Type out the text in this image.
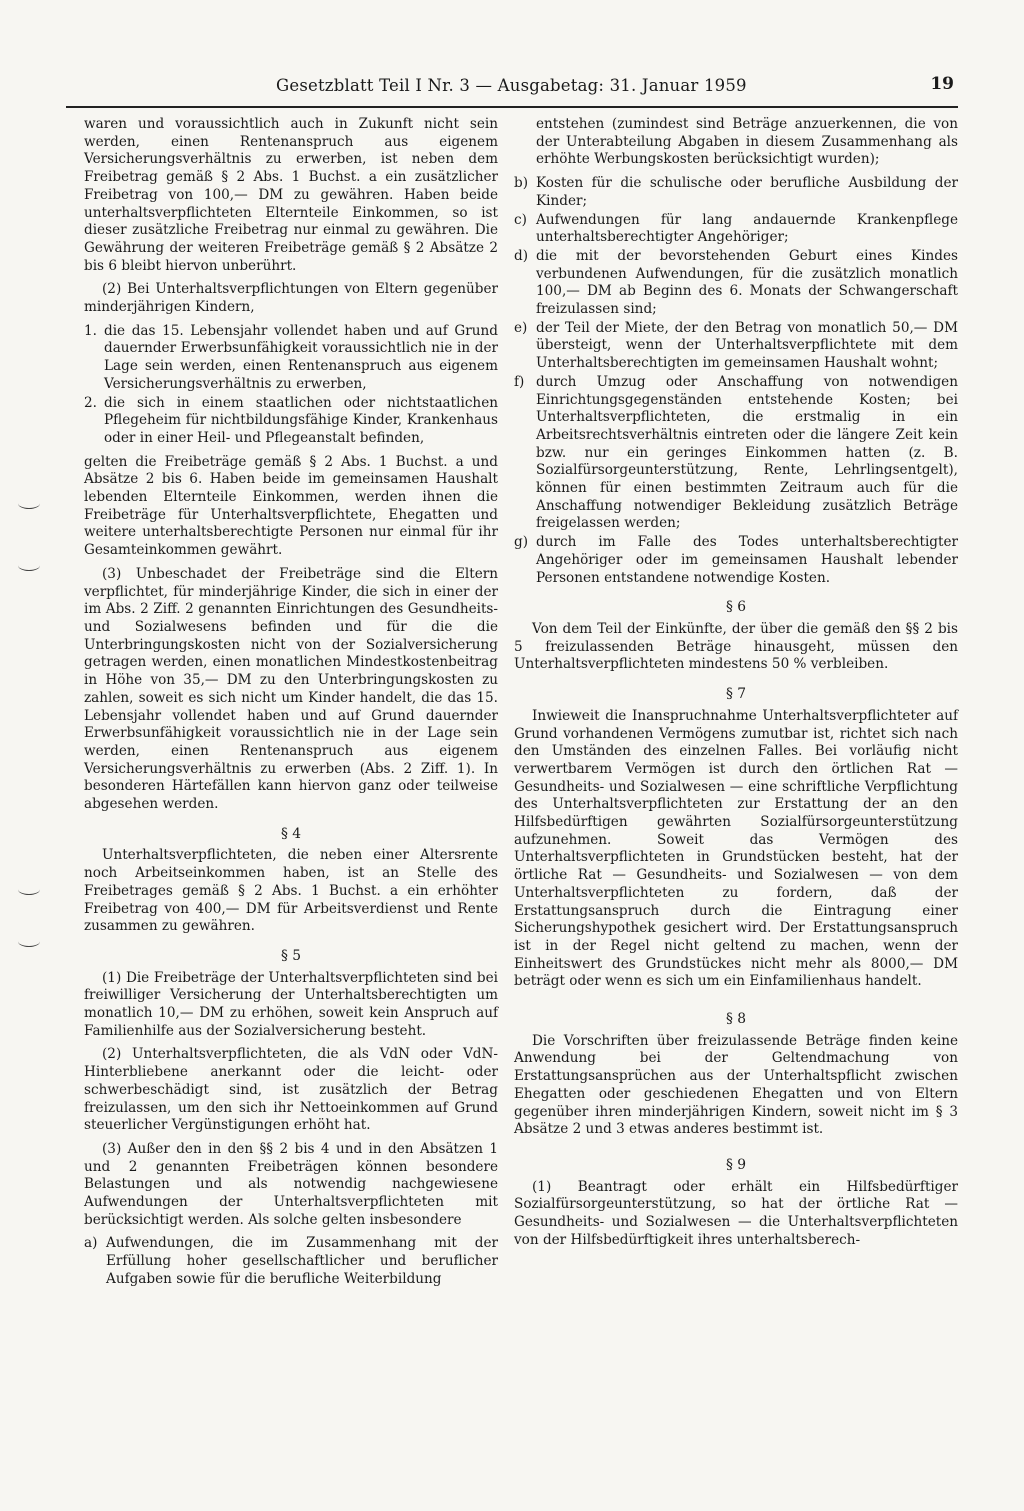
Gesetzblatt Teil I Nr. 3 — Ausgabetag: 31. Januar 1959	19

waren und voraussichtlich auch in Zukunft nicht sein werden, einen Rentenanspruch aus eigenem Versicherungsverhältnis zu erwerben, ist neben dem Freibetrag gemäß § 2 Abs. 1 Buchst. a ein zusätzlicher Freibetrag von 100,— DM zu gewähren. Haben beide unterhaltsverpflichteten Elternteile Einkommen, so ist dieser zusätzliche Freibetrag nur einmal zu gewähren. Die Gewährung der weiteren Freibeträge gemäß § 2 Absätze 2 bis 6 bleibt hiervon unberührt.

(2) Bei Unterhaltsverpflichtungen von Eltern gegenüber minderjährigen Kindern,

1. die das 15. Lebensjahr vollendet haben und auf Grund dauernder Erwerbsunfähigkeit voraussichtlich nie in der Lage sein werden, einen Rentenanspruch aus eigenem Versicherungsverhältnis zu erwerben,
2. die sich in einem staatlichen oder nichtstaatlichen Pflegeheim für nichtbildungsfähige Kinder, Krankenhaus oder in einer Heil- und Pflegeanstalt befinden,

gelten die Freibeträge gemäß § 2 Abs. 1 Buchst. a und Absätze 2 bis 6. Haben beide im gemeinsamen Haushalt lebenden Elternteile Einkommen, werden ihnen die Freibeträge für Unterhaltsverpflichtete, Ehegatten und weitere unterhaltsberechtigte Personen nur einmal für ihr Gesamteinkommen gewährt.

(3) Unbeschadet der Freibeträge sind die Eltern verpflichtet, für minderjährige Kinder, die sich in einer der im Abs. 2 Ziff. 2 genannten Einrichtungen des Gesundheits- und Sozialwesens befinden und für die die Unterbringungskosten nicht von der Sozialversicherung getragen werden, einen monatlichen Mindestkostenbeitrag in Höhe von 35,— DM zu den Unterbringungskosten zu zahlen, soweit es sich nicht um Kinder handelt, die das 15. Lebensjahr vollendet haben und auf Grund dauernder Erwerbsunfähigkeit voraussichtlich nie in der Lage sein werden, einen Rentenanspruch aus eigenem Versicherungsverhältnis zu erwerben (Abs. 2 Ziff. 1). In besonderen Härtefällen kann hiervon ganz oder teilweise abgesehen werden.

§ 4

Unterhaltsverpflichteten, die neben einer Altersrente noch Arbeitseinkommen haben, ist an Stelle des Freibetrages gemäß § 2 Abs. 1 Buchst. a ein erhöhter Freibetrag von 400,— DM für Arbeitsverdienst und Rente zusammen zu gewähren.

§ 5

(1) Die Freibeträge der Unterhaltsverpflichteten sind bei freiwilliger Versicherung der Unterhaltsberechtigten um monatlich 10,— DM zu erhöhen, soweit kein Anspruch auf Familienhilfe aus der Sozialversicherung besteht.

(2) Unterhaltsverpflichteten, die als VdN oder VdN-Hinterbliebene anerkannt oder die leicht- oder schwerbeschädigt sind, ist zusätzlich der Betrag freizulassen, um den sich ihr Nettoeinkommen auf Grund steuerlicher Vergünstigungen erhöht hat.

(3) Außer den in den §§ 2 bis 4 und in den Absätzen 1 und 2 genannten Freibeträgen können besondere Belastungen und als notwendig nachgewiesene Aufwendungen der Unterhaltsverpflichteten mit berücksichtigt werden. Als solche gelten insbesondere

a) Aufwendungen, die im Zusammenhang mit der Erfüllung hoher gesellschaftlicher und beruflicher Aufgaben sowie für die berufliche Weiterbildung

entstehen (zumindest sind Beträge anzuerkennen, die von der Unterabteilung Abgaben in diesem Zusammenhang als erhöhte Werbungskosten berücksichtigt wurden);

b) Kosten für die schulische oder berufliche Ausbildung der Kinder;
c) Aufwendungen für lang andauernde Krankenpflege unterhaltsberechtigter Angehöriger;
d) die mit der bevorstehenden Geburt eines Kindes verbundenen Aufwendungen, für die zusätzlich monatlich 100,— DM ab Beginn des 6. Monats der Schwangerschaft freizulassen sind;
e) der Teil der Miete, der den Betrag von monatlich 50,— DM übersteigt, wenn der Unterhaltsverpflichtete mit dem Unterhaltsberechtigten im gemeinsamen Haushalt wohnt;
f) durch Umzug oder Anschaffung von notwendigen Einrichtungsgegenständen entstehende Kosten; bei Unterhaltsverpflichteten, die erstmalig in ein Arbeitsrechtsverhältnis eintreten oder die längere Zeit kein bzw. nur ein geringes Einkommen hatten (z. B. Sozialfürsorgeunterstützung, Rente, Lehrlingsentgelt), können für einen bestimmten Zeitraum auch für die Anschaffung notwendiger Bekleidung zusätzlich Beträge freigelassen werden;
g) durch im Falle des Todes unterhaltsberechtigter Angehöriger oder im gemeinsamen Haushalt lebender Personen entstandene notwendige Kosten.
§ 6

Von dem Teil der Einkünfte, der über die gemäß den §§ 2 bis 5 freizulassenden Beträge hinausgeht, müssen den Unterhaltsverpflichteten mindestens 50 % verbleiben.

§ 7

Inwieweit die Inanspruchnahme Unterhaltsverpflichteter auf Grund vorhandenen Vermögens zumutbar ist, richtet sich nach den Umständen des einzelnen Falles. Bei vorläufig nicht verwertbarem Vermögen ist durch den örtlichen Rat — Gesundheits- und Sozialwesen — eine schriftliche Verpflichtung des Unterhaltsverpflichteten zur Erstattung der an den Hilfsbedürftigen gewährten Sozialfürsorgeunterstützung aufzunehmen. Soweit das Vermögen des Unterhaltsverpflichteten in Grundstücken besteht, hat der örtliche Rat — Gesundheits- und Sozialwesen — von dem Unterhaltsverpflichteten zu fordern, daß der Erstattungsanspruch durch die Eintragung einer Sicherungshypothek gesichert wird. Der Erstattungsanspruch ist in der Regel nicht geltend zu machen, wenn der Einheitswert des Grundstückes nicht mehr als 8000,— DM beträgt oder wenn es sich um ein Einfamilienhaus handelt.

§ 8

Die Vorschriften über freizulassende Beträge finden keine Anwendung bei der Geltendmachung von Erstattungsansprüchen aus der Unterhaltspflicht zwischen Ehegatten oder geschiedenen Ehegatten und von Eltern gegenüber ihren minderjährigen Kindern, soweit nicht im § 3 Absätze 2 und 3 etwas anderes bestimmt ist.

§ 9

(1) Beantragt oder erhält ein Hilfsbedürftiger Sozialfürsorgeunterstützung, so hat der örtliche Rat — Gesundheits- und Sozialwesen — die Unterhaltsverpflichteten von der Hilfsbedürftigkeit ihres unterhaltsberech-
